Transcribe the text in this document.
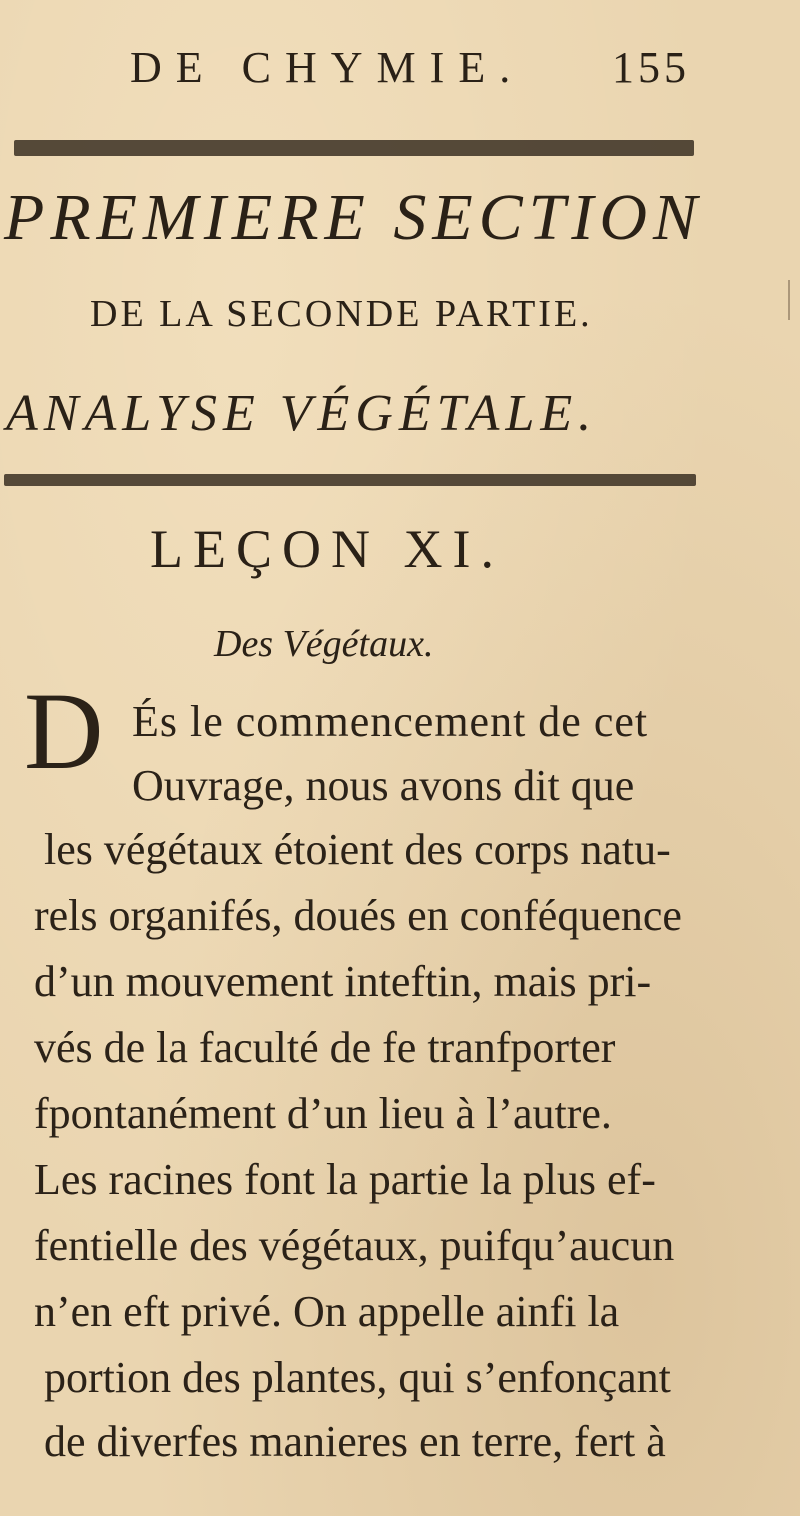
DE CHYMIE. 155
PREMIERE SECTION
DE LA SECONDE PARTIE.
ANALYSE VÉGÉTALE.
LEÇON XI.
Des Végétaux.
D És le commencement de cet
Ouvrage, nous avons dit que
les végétaux étoient des corps natu-
rels organifés, doués en conféquence
d’un mouvement inteftin, mais pri-
vés de la faculté de fe tranfporter
fpontanément d’un lieu à l’autre.
Les racines font la partie la plus ef-
fentielle des végétaux, puifqu’aucun
n’en eft privé. On appelle ainfi la
portion des plantes, qui s’enfonçant
de diverfes manieres en terre, fert à
